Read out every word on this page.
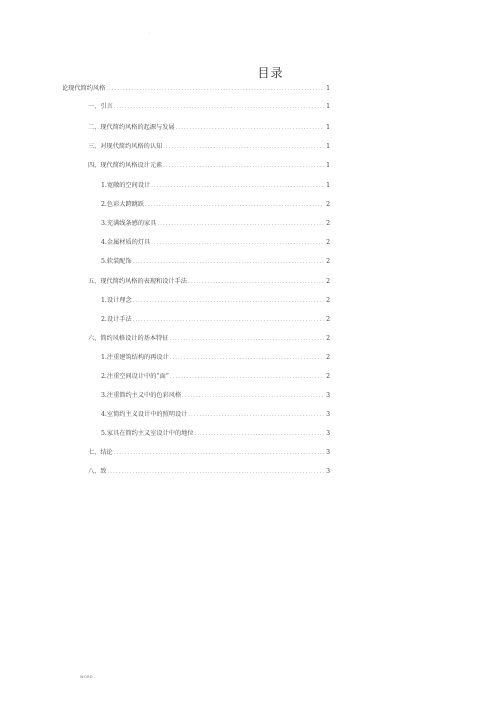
.
目录
论现代简约风格 .....	1
一、引言 .....	1
二、现代简约风格的起源与发展 .....	1
三、对现代简约风格的认知 .....	1
四、现代简约风格设计元素 .....	1
1.宽敞的空间设计 .....	1
2.色彩大跨跳跃 .....	2
3.充满线条感的家具 .....	2
4.金属材质的灯具 .....	2
5.软装配饰 .....	2
五、现代简约风格的表现和设计手法 .....	2
1.设计理念 .....	2
2.设计手法 .....	2
六、简约风格设计的基本特征 .....	2
1.注重建筑结构的再设计 .....	2
2.注重空间设计中的“面” .....	2
3.注重简约主义中的色彩风格 .....	3
4.室简约主义设计中的照明设计 .....	3
5.家具在简约主义室设计中的地位 .....	3
七、结论 .....	3
八、致 .....	3
WORD .
